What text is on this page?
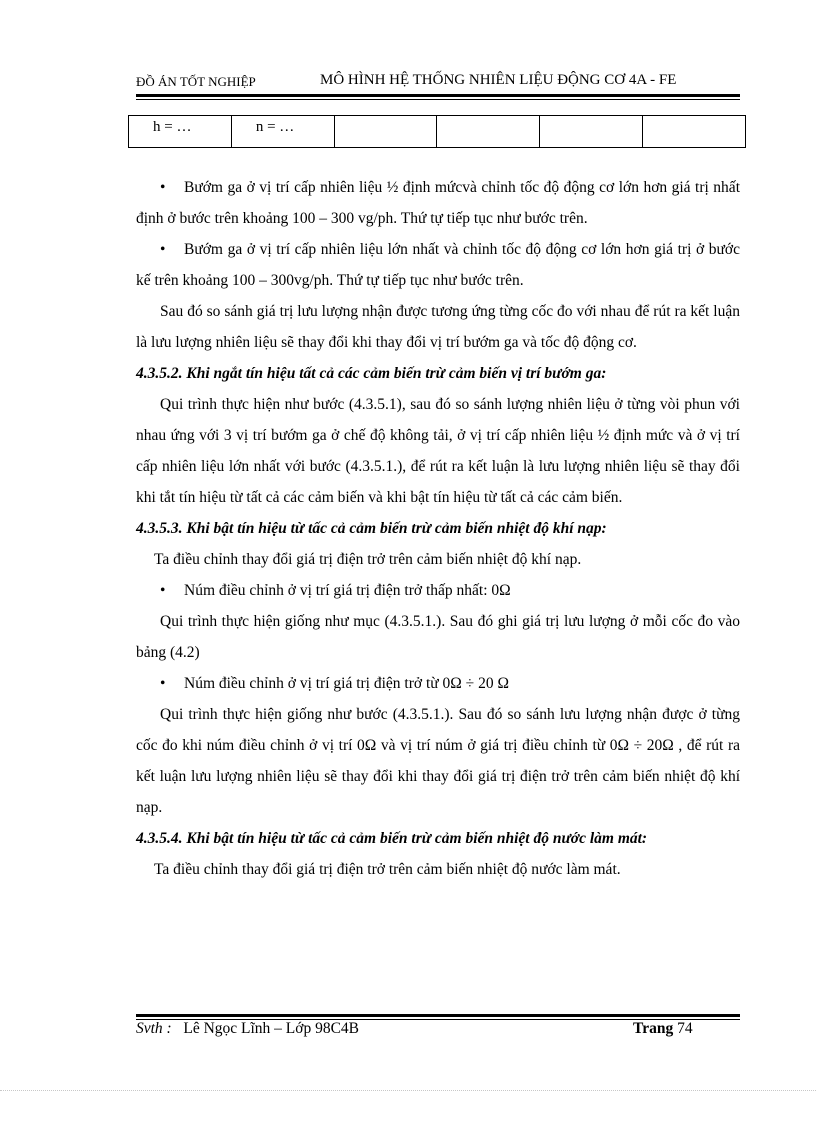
ĐỒ ÁN TỐT NGHIỆP	MÔ HÌNH HỆ THỐNG NHIÊN LIỆU ĐỘNG CƠ 4A - FE
h = …	n = …				

• Bướm ga ở vị trí cấp nhiên liệu ½ định mứcvà chỉnh tốc độ động cơ lớn hơn giá trị nhất định ở bước trên khoảng 100 – 300 vg/ph. Thứ tự tiếp tục như bước trên.

• Bướm ga ở vị trí cấp nhiên liệu lớn nhất và chỉnh tốc độ động cơ lớn hơn giá trị ở bước kế trên khoảng 100 – 300vg/ph. Thứ tự tiếp tục như bước trên.

Sau đó so sánh giá trị lưu lượng nhận được tương ứng từng cốc đo với nhau để rút ra kết luận là lưu lượng nhiên liệu sẽ thay đổi khi thay đổi vị trí bướm ga và tốc độ động cơ.

4.3.5.2. Khi ngắt tín hiệu tất cả các cảm biến trừ cảm biến vị trí bướm ga:

Qui trình thực hiện như bước (4.3.5.1), sau đó so sánh lượng nhiên liệu ở từng vòi phun với nhau ứng với 3 vị trí bướm ga ở chế độ không tải, ở vị trí cấp nhiên liệu ½ định mức và ở vị trí cấp nhiên liệu lớn nhất với bước (4.3.5.1.), để rút ra kết luận là lưu lượng nhiên liệu sẽ thay đổi khi tắt tín hiệu từ tất cả các cảm biến và khi bật tín hiệu từ tất cả các cảm biến.

4.3.5.3. Khi bật tín hiệu từ tấc cả cảm biến trừ cảm biến nhiệt độ khí nạp:

Ta điều chỉnh thay đổi giá trị điện trở trên cảm biến nhiệt độ khí nạp.

• Núm điều chỉnh ở vị trí giá trị điện trở thấp nhất: 0Ω

Qui trình thực hiện giống như mục (4.3.5.1.). Sau đó ghi giá trị lưu lượng ở mỗi cốc đo vào bảng (4.2)

• Núm điều chỉnh ở vị trí giá trị điện trở từ 0Ω ÷ 20 Ω

Qui trình thực hiện giống như bước (4.3.5.1.). Sau đó so sánh lưu lượng nhận được ở từng cốc đo khi núm điều chỉnh ở vị trí 0Ω và vị trí núm ở giá trị điều chỉnh từ 0Ω ÷ 20Ω , để rút ra kết luận lưu lượng nhiên liệu sẽ thay đổi khi thay đổi giá trị điện trở trên cảm biến nhiệt độ khí nạp.

4.3.5.4. Khi bật tín hiệu từ tấc cả cảm biến trừ cảm biến nhiệt độ nước làm mát:

Ta điều chỉnh thay đổi giá trị điện trở trên cảm biến nhiệt độ nước làm mát.

Svth : Lê Ngọc Lĩnh – Lớp 98C4B	Trang 74
